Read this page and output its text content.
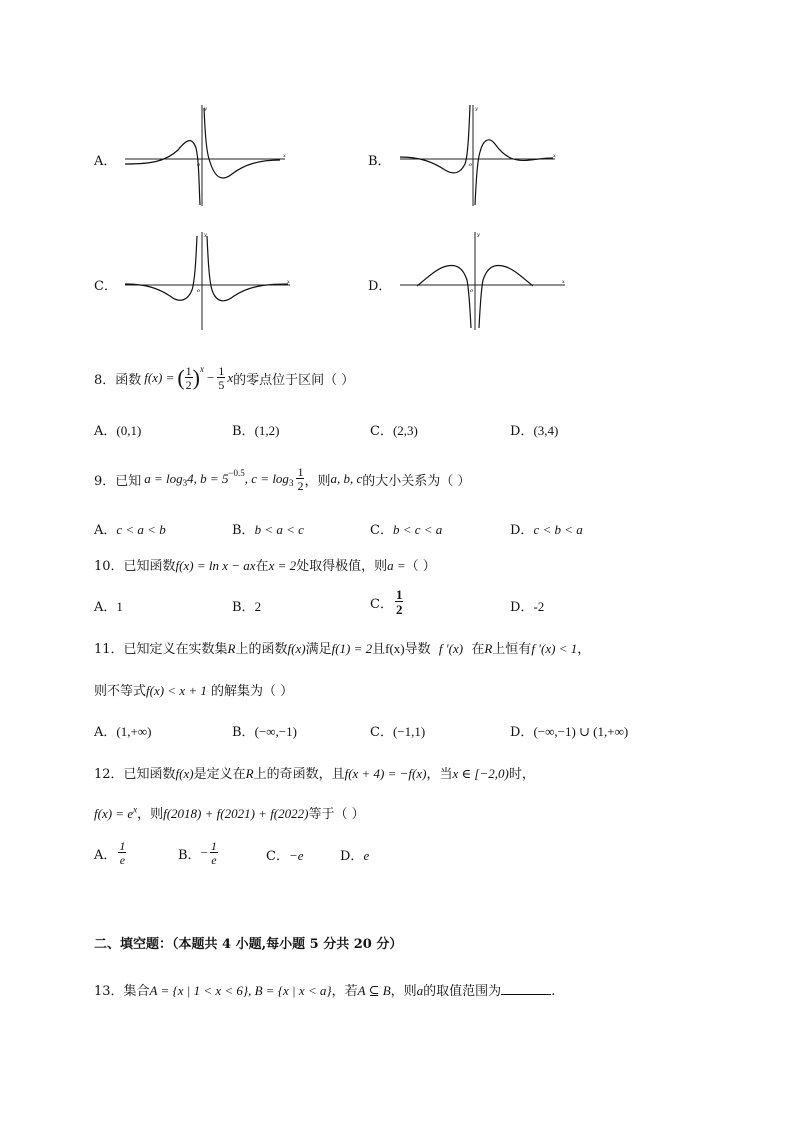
A．	o
x
y
B．	o
x
y
C．	o
x
y
D．	o
x
y
8．函数 f(x) = ( $\frac{1}{2}$ ) x
− $\frac{1}{5}$ x 的零点位于区间（ ）
A．(0,1)	B．(1,2)	C．(2,3)	D．(3,4)
9．已知 $a = \log_3 4$, $b = 5^{-0.5}$ , $c = \log_3 \frac{1}{2}$ ，则 a, b, c 的大小关系为（ ）
A．c < a < b	B．b < a < c	C．b < c < a	D．c < b < a
10．已知函数f(x) = ln x − ax在x = 2处取得极值，则a =（ ）
A．1	B．2	C． $\frac{1}{2}$	D．-2
11．已知定义在实数集R上的函数f(x)满足f(1) = 2且f(x)导数 f ′(x) 在R上恒有f ′(x) < 1，
则不等式f(x) < x + 1 的解集为（ ）
A．(1,+∞)	B．(−∞,−1)	C．(−1,1)	D．(−∞,−1) ∪ (1,+∞)
12．已知函数f(x)是定义在R上的奇函数，且f(x + 4) = −f(x)，当x ∈ [−2,0)时，
$f(x) = e^x$，则f(2018) + f(2021) + f(2022)等于（ ）
A． $\frac{1}{e}$	B． − $\frac{1}{e}$	C．−e	D．e
二、填空题：（本题共 4 小题,每小题 5 分共 20 分）
13．集合A = {x | 1 < x < 6}, B = {x | x < a}，若A ⊆ B，则a的取值范围为	.
